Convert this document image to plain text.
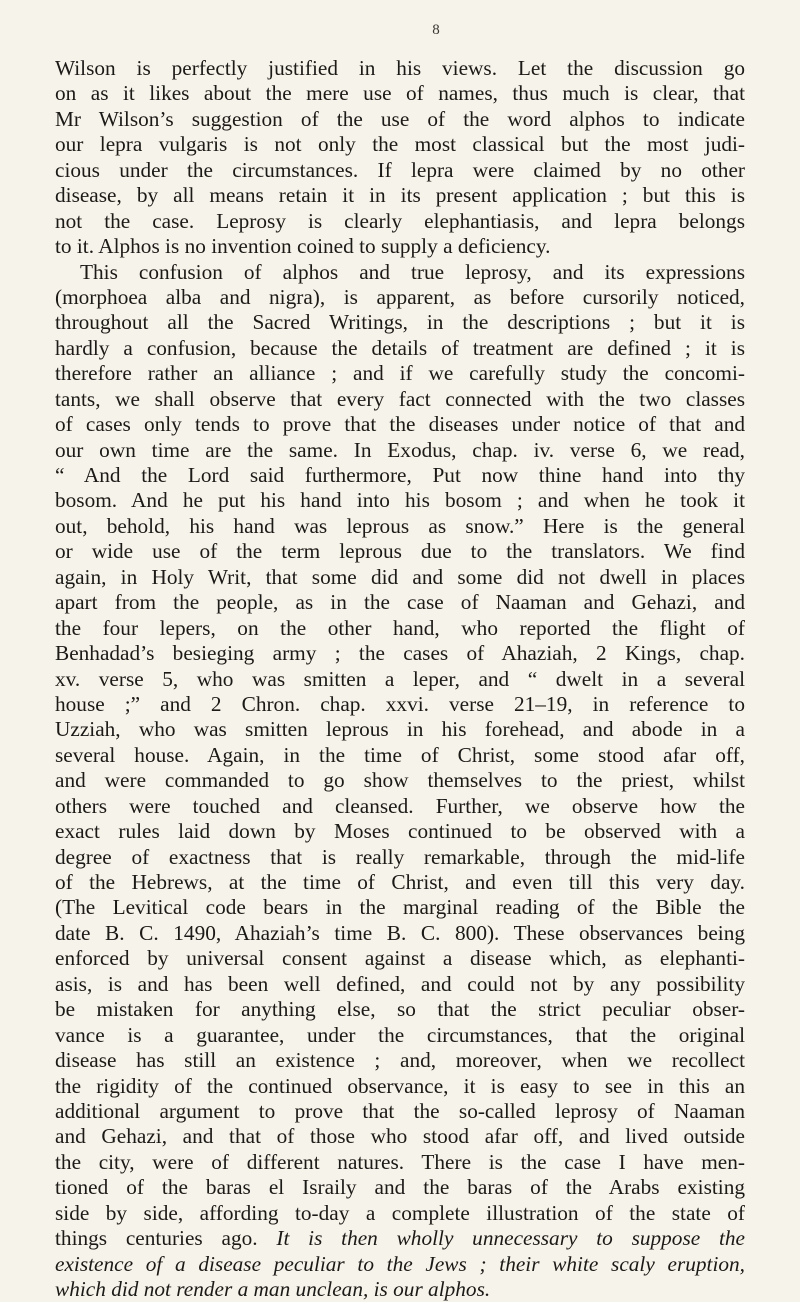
8
Wilson is perfectly justified in his views. Let the discussion go
on as it likes about the mere use of names, thus much is clear, that
Mr Wilson’s suggestion of the use of the word alphos to indicate
our lepra vulgaris is not only the most classical but the most judi-
cious under the circumstances. If lepra were claimed by no other
disease, by all means retain it in its present application ; but this is
not the case. Leprosy is clearly elephantiasis, and lepra belongs
to it. Alphos is no invention coined to supply a deficiency.
This confusion of alphos and true leprosy, and its expressions
(morphoea alba and nigra), is apparent, as before cursorily noticed,
throughout all the Sacred Writings, in the descriptions ; but it is
hardly a confusion, because the details of treatment are defined ; it is
therefore rather an alliance ; and if we carefully study the concomi-
tants, we shall observe that every fact connected with the two classes
of cases only tends to prove that the diseases under notice of that and
our own time are the same. In Exodus, chap. iv. verse 6, we read,
“ And the Lord said furthermore, Put now thine hand into thy
bosom. And he put his hand into his bosom ; and when he took it
out, behold, his hand was leprous as snow.” Here is the general
or wide use of the term leprous due to the translators. We find
again, in Holy Writ, that some did and some did not dwell in places
apart from the people, as in the case of Naaman and Gehazi, and
the four lepers, on the other hand, who reported the flight of
Benhadad’s besieging army ; the cases of Ahaziah, 2 Kings, chap.
xv. verse 5, who was smitten a leper, and “ dwelt in a several
house ;” and 2 Chron. chap. xxvi. verse 21–19, in reference to
Uzziah, who was smitten leprous in his forehead, and abode in a
several house. Again, in the time of Christ, some stood afar off,
and were commanded to go show themselves to the priest, whilst
others were touched and cleansed. Further, we observe how the
exact rules laid down by Moses continued to be observed with a
degree of exactness that is really remarkable, through the mid-life
of the Hebrews, at the time of Christ, and even till this very day.
(The Levitical code bears in the marginal reading of the Bible the
date B. C. 1490, Ahaziah’s time B. C. 800). These observances being
enforced by universal consent against a disease which, as elephanti-
asis, is and has been well defined, and could not by any possibility
be mistaken for anything else, so that the strict peculiar obser-
vance is a guarantee, under the circumstances, that the original
disease has still an existence ; and, moreover, when we recollect
the rigidity of the continued observance, it is easy to see in this an
additional argument to prove that the so-called leprosy of Naaman
and Gehazi, and that of those who stood afar off, and lived outside
the city, were of different natures. There is the case I have men-
tioned of the baras el Israily and the baras of the Arabs existing
side by side, affording to-day a complete illustration of the state of
things centuries ago. It is then wholly unnecessary to suppose the
existence of a disease peculiar to the Jews ; their white scaly eruption,
which did not render a man unclean, is our alphos.
